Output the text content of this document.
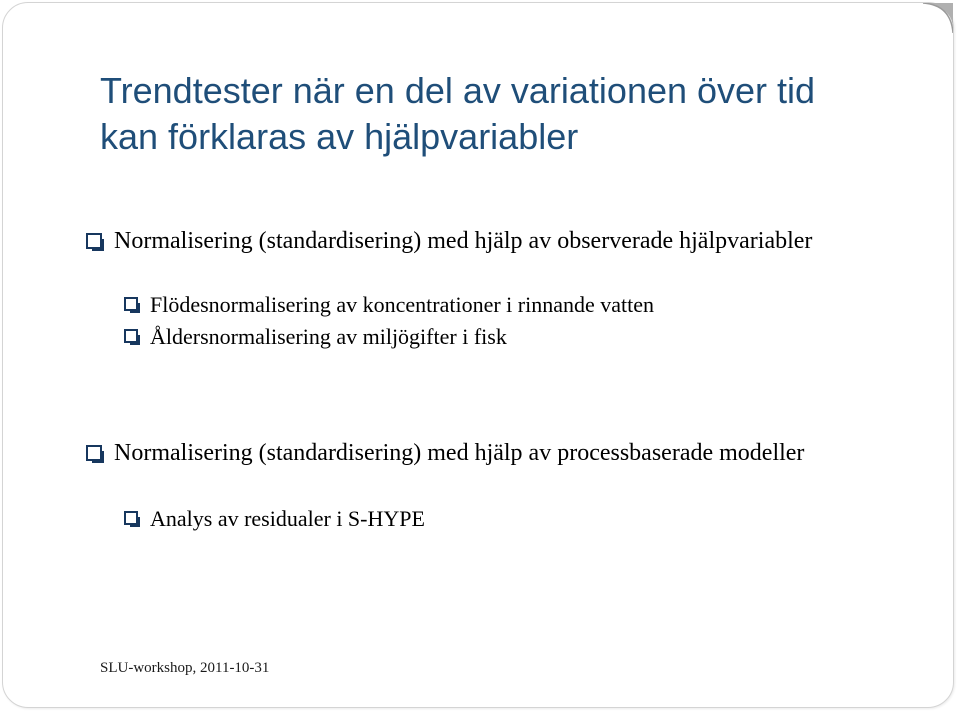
Trendtester när en del av variationen över tid kan förklaras av hjälpvariabler
Normalisering (standardisering) med hjälp av observerade hjälpvariabler
Flödesnormalisering av koncentrationer i rinnande vatten
Åldersnormalisering av miljögifter i fisk
Normalisering (standardisering) med hjälp av processbaserade modeller
Analys av residualer i S-HYPE
SLU-workshop, 2011-10-31
